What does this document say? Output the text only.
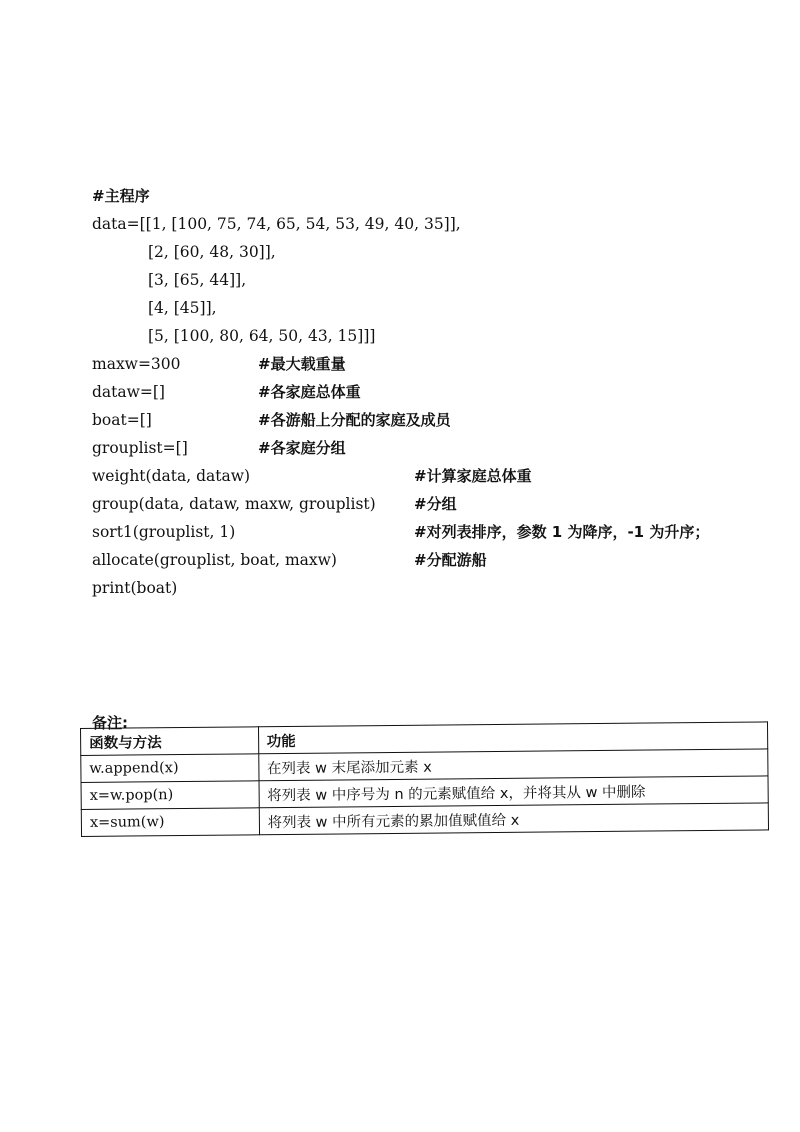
#主程序
data=[[1, [100, 75, 74, 65, 54, 53, 49, 40, 35]],
[2, [60, 48, 30]],
[3, [65, 44]],
[4, [45]],
[5, [100, 80, 64, 50, 43, 15]]]
maxw=300	#最大载重量
dataw=[]	#各家庭总体重
boat=[]	#各游船上分配的家庭及成员
grouplist=[]	#各家庭分组
weight(data, dataw)	#计算家庭总体重
group(data, dataw, maxw, grouplist)	#分组
sort1(grouplist, 1)	#对列表排序，参数 1 为降序，-1 为升序；
allocate(grouplist, boat, maxw)	#分配游船
print(boat)
备注:
函数与方法	功能
w.append(x)	在列表 w 末尾添加元素 x
x=w.pop(n)	将列表 w 中序号为 n 的元素赋值给 x，并将其从 w 中删除
x=sum(w)	将列表 w 中所有元素的累加值赋值给 x
